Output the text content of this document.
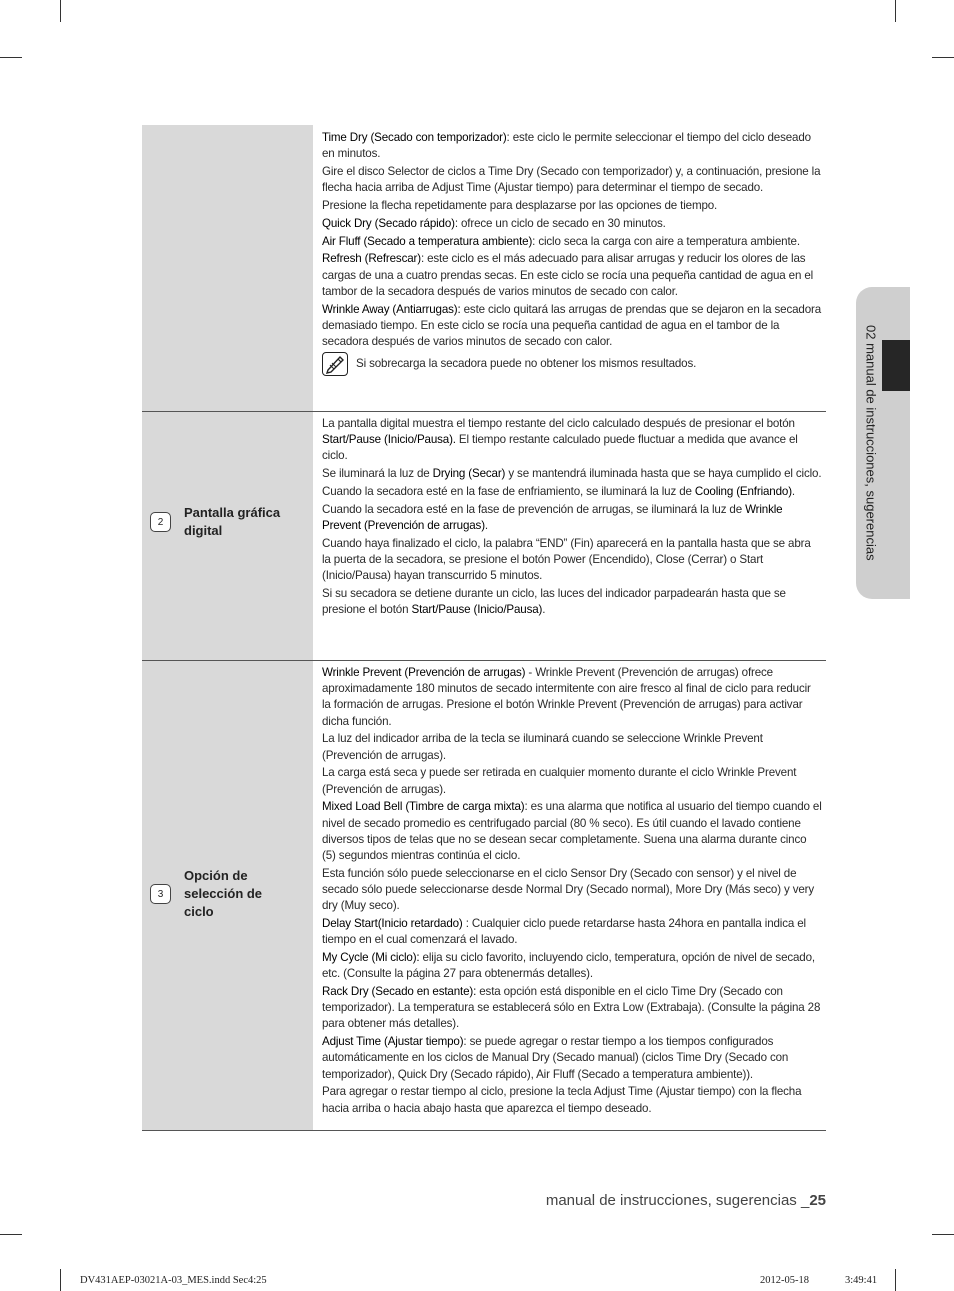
02 manual de instrucciones, sugerencias

Time Dry (Secado con temporizador): este ciclo le permite seleccionar el tiempo del ciclo deseado en minutos.

Gire el disco Selector de ciclos a Time Dry (Secado con temporizador) y, a continuación, presione la flecha hacia arriba de Adjust Time (Ajustar tiempo) para determinar el tiempo de secado.

Presione la flecha repetidamente para desplazarse por las opciones de tiempo.

Quick Dry (Secado rápido): ofrece un ciclo de secado en 30 minutos.

Air Fluff (Secado a temperatura ambiente): ciclo seca la carga con aire a temperatura ambiente.

Refresh (Refrescar): este ciclo es el más adecuado para alisar arrugas y reducir los olores de las cargas de una a cuatro prendas secas. En este ciclo se rocía una pequeña cantidad de agua en el tambor de la secadora después de varios minutos de secado con calor.

Wrinkle Away (Antiarrugas): este ciclo quitará las arrugas de prendas que se dejaron en la secadora demasiado tiempo. En este ciclo se rocía una pequeña cantidad de agua en el tambor de la secadora después de varios minutos de secado con calor.

Si sobrecarga la secadora puede no obtener los mismos resultados.
2
Pantalla gráfica digital

La pantalla digital muestra el tiempo restante del ciclo calculado después de presionar el botón Start/Pause (Inicio/Pausa). El tiempo restante calculado puede fluctuar a medida que avance el ciclo.

Se iluminará la luz de Drying (Secar) y se mantendrá iluminada hasta que se haya cumplido el ciclo.

Cuando la secadora esté en la fase de enfriamiento, se iluminará la luz de Cooling (Enfriando).

Cuando la secadora esté en la fase de prevención de arrugas, se iluminará la luz de Wrinkle Prevent (Prevención de arrugas).

Cuando haya finalizado el ciclo, la palabra “END” (Fin) aparecerá en la pantalla hasta que se abra la puerta de la secadora, se presione el botón Power (Encendido), Close (Cerrar) o Start (Inicio/Pausa) hayan transcurrido 5 minutos.

Si su secadora se detiene durante un ciclo, las luces del indicador parpadearán hasta que se presione el botón Start/Pause (Inicio/Pausa).

3
Opción de selección de ciclo

Wrinkle Prevent (Prevención de arrugas) - Wrinkle Prevent (Prevención de arrugas) ofrece aproximadamente 180 minutos de secado intermitente con aire fresco al final de ciclo para reducir la formación de arrugas. Presione el botón Wrinkle Prevent (Prevención de arrugas) para activar dicha función.

La luz del indicador arriba de la tecla se iluminará cuando se seleccione Wrinkle Prevent (Prevención de arrugas).

La carga está seca y puede ser retirada en cualquier momento durante el ciclo Wrinkle Prevent (Prevención de arrugas).

Mixed Load Bell (Timbre de carga mixta): es una alarma que notifica al usuario del tiempo cuando el nivel de secado promedio es centrifugado parcial (80 % seco). Es útil cuando el lavado contiene diversos tipos de telas que no se desean secar completamente. Suena una alarma durante cinco (5) segundos mientras continúa el ciclo.

Esta función sólo puede seleccionarse en el ciclo Sensor Dry (Secado con sensor) y el nivel de secado sólo puede seleccionarse desde Normal Dry (Secado normal), More Dry (Más seco) y very dry (Muy seco).

Delay Start(Inicio retardado) : Cualquier ciclo puede retardarse hasta 24hora en pantalla indica el tiempo en el cual comenzará el lavado.

My Cycle (Mi ciclo): elija su ciclo favorito, incluyendo ciclo, temperatura, opción de nivel de secado, etc. (Consulte la página 27 para obtenermás detalles).

Rack Dry (Secado en estante): esta opción está disponible en el ciclo Time Dry (Secado con temporizador). La temperatura se establecerá sólo en Extra Low (Extrabaja). (Consulte la página 28 para obtener más detalles).

Adjust Time (Ajustar tiempo): se puede agregar o restar tiempo a los tiempos configurados automáticamente en los ciclos de Manual Dry (Secado manual) (ciclos Time Dry (Secado con temporizador), Quick Dry (Secado rápido), Air Fluff (Secado a temperatura ambiente)).

Para agregar o restar tiempo al ciclo, presione la tecla Adjust Time (Ajustar tiempo) con la flecha hacia arriba o hacia abajo hasta que aparezca el tiempo deseado.

manual de instrucciones, sugerencias _25
DV431AEP-03021A-03_MES.indd Sec4:25	2012-05-18	3:49:41
